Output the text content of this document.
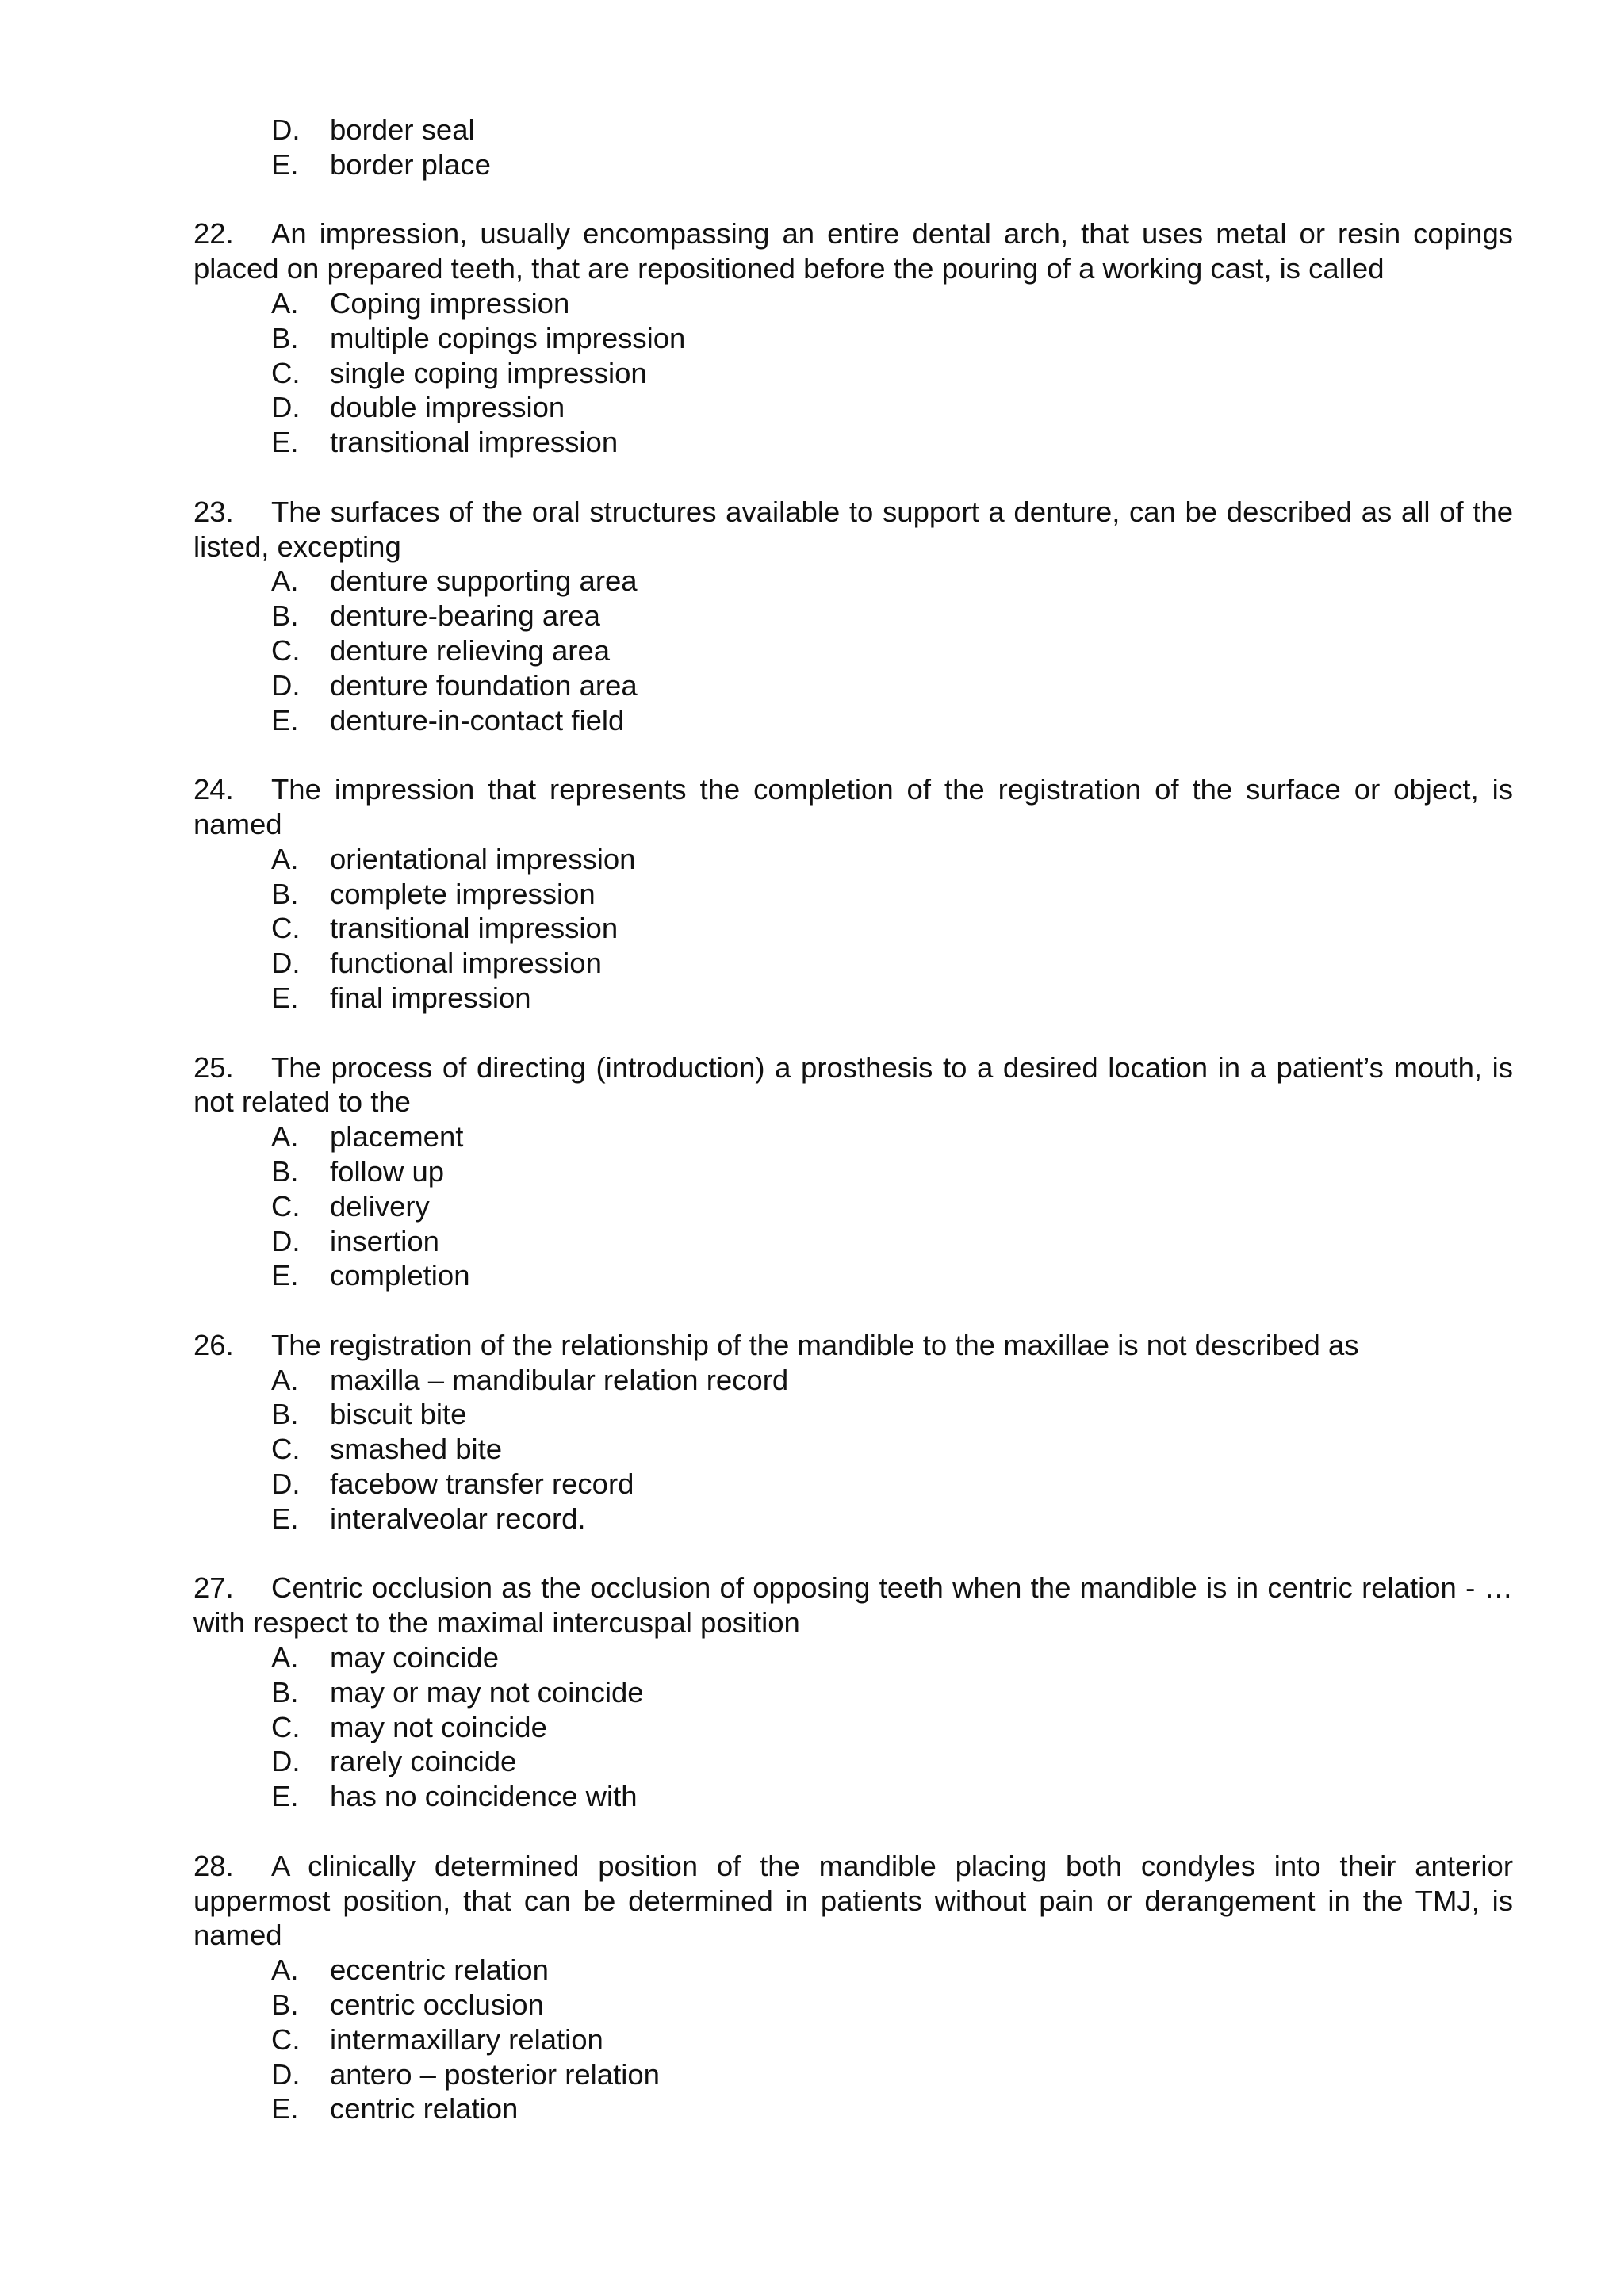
D.	border seal
E.	border place
22. An impression, usually encompassing an entire dental arch, that uses metal or resin copings placed on prepared teeth, that are repositioned before the pouring of a working cast, is called
A.	Coping impression
B.	multiple copings impression
C.	single coping impression
D.	double impression
E.	transitional impression
23. The surfaces of the oral structures available to support a denture, can be described as all of the listed, excepting
A.	denture supporting area
B.	denture-bearing area
C.	denture relieving area
D.	denture foundation area
E.	denture-in-contact field
24. The impression that represents the completion of the registration of the surface or object, is named
A.	orientational impression
B.	complete impression
C.	transitional impression
D.	functional impression
E.	final impression
25. The process of directing (introduction) a prosthesis to a desired location in a patient’s mouth, is not related to the
A.	placement
B.	follow up
C.	delivery
D.	insertion
E.	completion
26. The registration of the relationship of the mandible to the maxillae is not described as
A.	maxilla – mandibular relation record
B.	biscuit bite
C.	smashed bite
D.	facebow transfer record
E.	interalveolar record.
27. Centric occlusion as the occlusion of opposing teeth when the mandible is in centric relation - … with respect to the maximal intercuspal position
A.	may coincide
B.	may or may not coincide
C.	may not coincide
D.	rarely coincide
E.	has no coincidence with
28. A clinically determined position of the mandible placing both condyles into their anterior uppermost position, that can be determined in patients without pain or derangement in the TMJ, is named
A.	eccentric relation
B.	centric occlusion
C.	intermaxillary relation
D.	antero – posterior relation
E.	centric relation
